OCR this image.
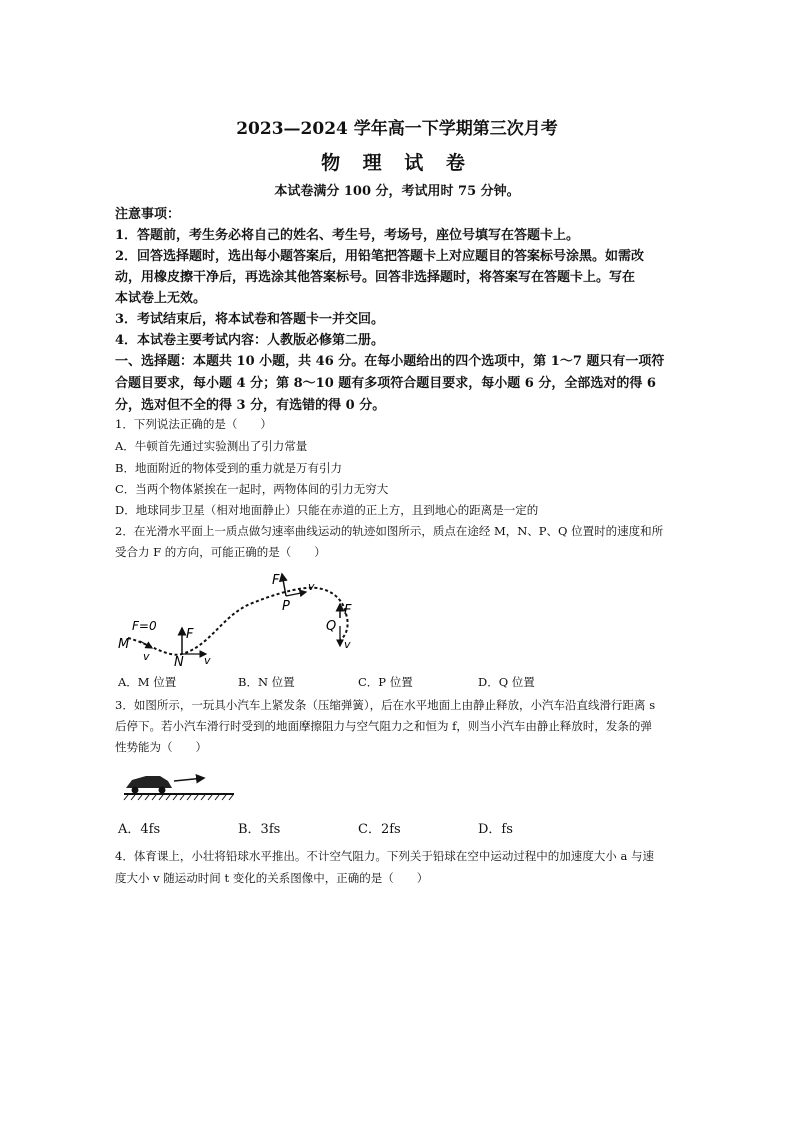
2023—2024 学年高一下学期第三次月考
物 理 试 卷
本试卷满分 100 分，考试用时 75 分钟。
注意事项：
1．答题前，考生务必将自己的姓名、考生号，考场号，座位号填写在答题卡上。
2．回答选择题时，选出每小题答案后，用铅笔把答题卡上对应题目的答案标号涂黑。如需改
动，用橡皮擦干净后，再选涂其他答案标号。回答非选择题时，将答案写在答题卡上。写在
本试卷上无效。
3．考试结束后，将本试卷和答题卡一并交回。
4．本试卷主要考试内容：人教版必修第二册。
一、选择题：本题共 10 小题，共 46 分。在每小题给出的四个选项中，第 1～7 题只有一项符
合题目要求，每小题 4 分；第 8～10 题有多项符合题目要求，每小题 6 分，全部选对的得 6
分，选对但不全的得 3 分，有选错的得 0 分。
1．下列说法正确的是（　　）
A．牛顿首先通过实验测出了引力常量
B．地面附近的物体受到的重力就是万有引力
C．当两个物体紧挨在一起时，两物体间的引力无穷大
D．地球同步卫星（相对地面静止）只能在赤道的正上方，且到地心的距离是一定的
2．在光滑水平面上一质点做匀速率曲线运动的轨迹如图所示，质点在途经 M，N、P、Q 位置时的速度和所
受合力 F 的方向，可能正确的是（　　）
F=0
M
v N
F
v
F	v
P
Q
F
v
A．M 位置	B．N 位置	C．P 位置	D．Q 位置
3．如图所示，一玩具小汽车上紧发条（压缩弹簧），后在水平地面上由静止释放，小汽车沿直线滑行距离 s
后停下。若小汽车滑行时受到的地面摩擦阻力与空气阻力之和恒为 f，则当小汽车由静止释放时，发条的弹
性势能为（　　）
A．4fs	B．3fs	C．2fs	D．fs
4．体育课上，小壮将铅球水平推出。不计空气阻力。下列关于铅球在空中运动过程中的加速度大小 a 与速
度大小 v 随运动时间 t 变化的关系图像中，正确的是（　　）
